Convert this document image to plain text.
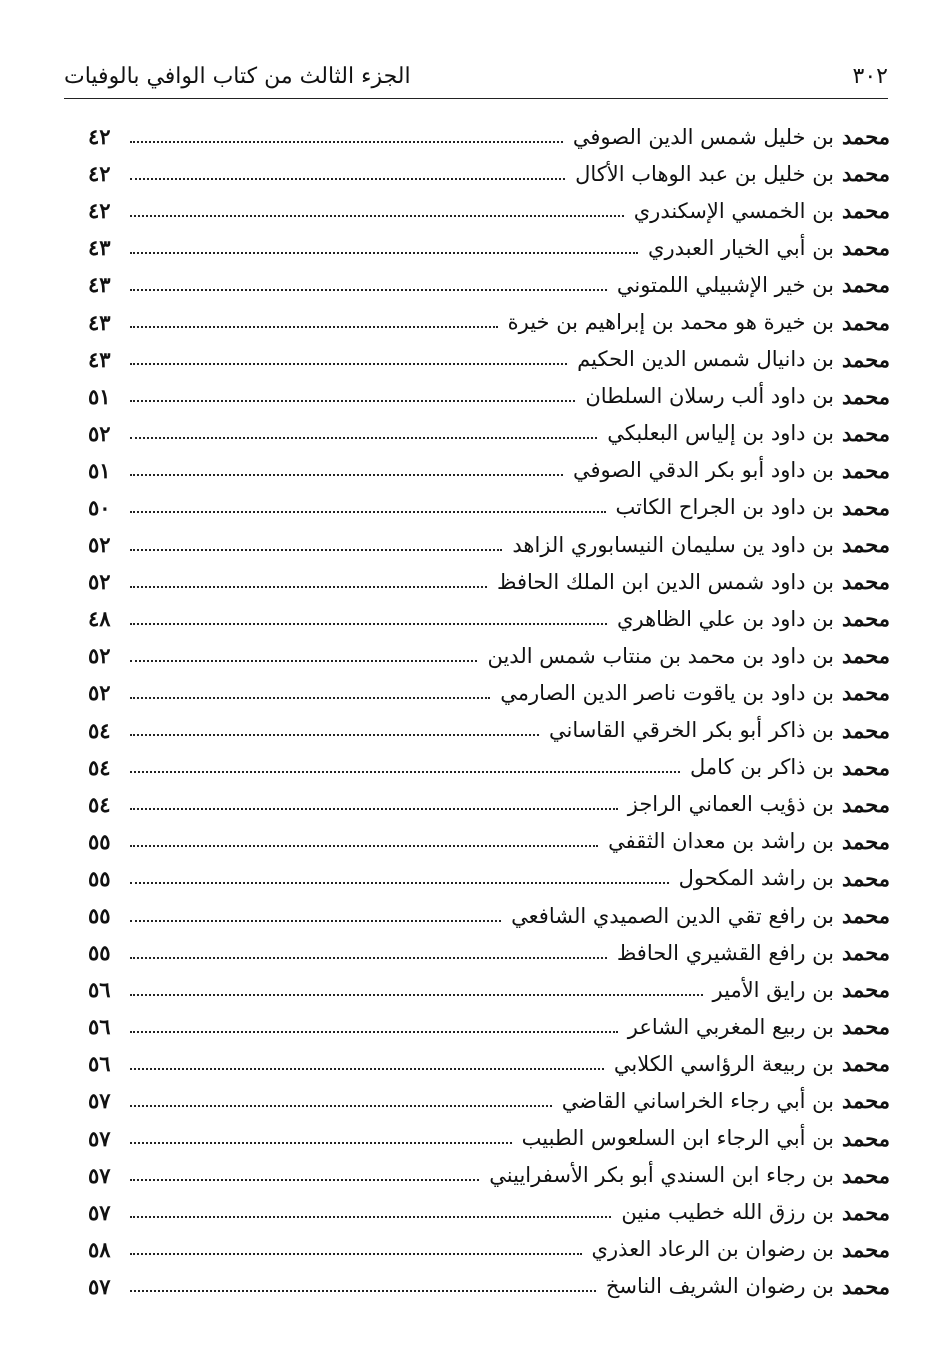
٣٠٢
الجزء الثالث من كتاب الوافي بالوفيات
محمد
بن خليل شمس الدين الصوفي
٤٢
محمد
بن خليل بن عبد الوهاب الأكال
٤٢
محمد
بن الخمسي الإسكندري
٤٢
محمد
بن أبي الخيار العبدري
٤٣
محمد
بن خير الإشبيلي اللمتوني
٤٣
محمد
بن خيرة هو محمد بن إبراهيم بن خيرة
٤٣
محمد
بن دانيال شمس الدين الحكيم
٤٣
محمد
بن داود ألب رسلان السلطان
٥١
محمد
بن داود بن إلياس البعلبكي
٥٢
محمد
بن داود أبو بكر الدقي الصوفي
٥١
محمد
بن داود بن الجراح الكاتب
٥٠
محمد
بن داود ين سليمان النيسابوري الزاهد
٥٢
محمد
بن داود شمس الدين ابن الملك الحافظ
٥٢
محمد
بن داود بن علي الظاهري
٤٨
محمد
بن داود بن محمد بن منتاب شمس الدين
٥٢
محمد
بن داود بن ياقوت ناصر الدين الصارمي
٥٢
محمد
بن ذاكر أبو بكر الخرقي القاساني
٥٤
محمد
بن ذاكر بن كامل
٥٤
محمد
بن ذؤيب العماني الراجز
٥٤
محمد
بن راشد بن معدان الثقفي
٥٥
محمد
بن راشد المكحول
٥٥
محمد
بن رافع تقي الدين الصميدي الشافعي
٥٥
محمد
بن رافع القشيري الحافظ
٥٥
محمد
بن رايق الأمير
٥٦
محمد
بن ربيع المغربي الشاعر
٥٦
محمد
بن ربيعة الرؤاسي الكلابي
٥٦
محمد
بن أبي رجاء الخراساني القاضي
٥٧
محمد
بن أبي الرجاء ابن السلعوس الطبيب
٥٧
محمد
بن رجاء ابن السندي أبو بكر الأسفراييني
٥٧
محمد
بن رزق الله خطيب منين
٥٧
محمد
بن رضوان بن الرعاد العذري
٥٨
محمد
بن رضوان الشريف الناسخ
٥٧
